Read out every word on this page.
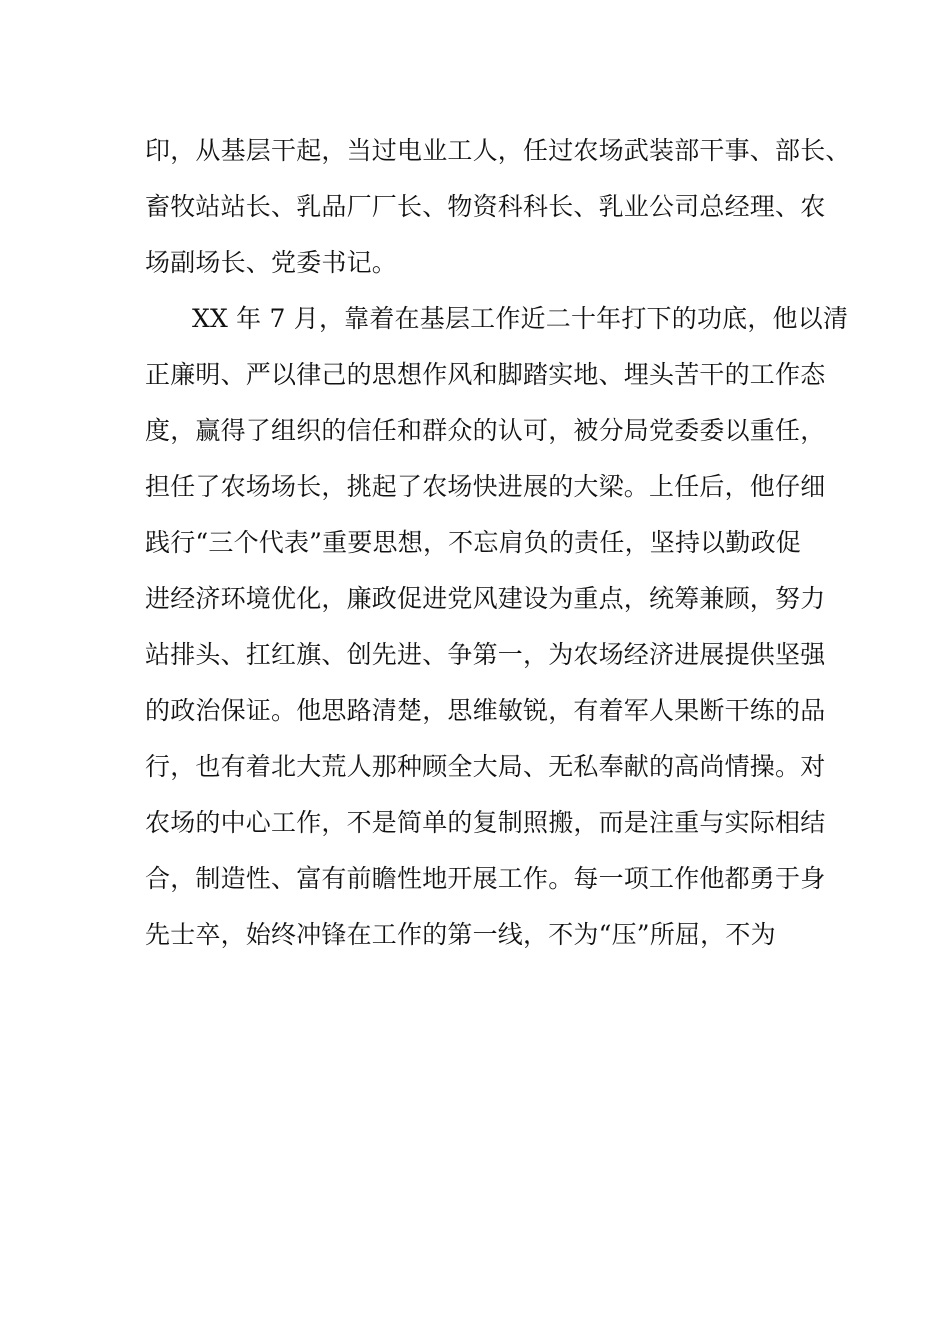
印，从基层干起，当过电业工人，任过农场武装部干事、部长、
畜牧站站长、乳品厂厂长、物资科科长、乳业公司总经理、农
场副场长、党委书记。
XX 年 7 月，靠着在基层工作近二十年打下的功底，他以清
正廉明、严以律己的思想作风和脚踏实地、埋头苦干的工作态
度，赢得了组织的信任和群众的认可，被分局党委委以重任，
担任了农场场长，挑起了农场快进展的大梁。上任后，他仔细
践行“三个代表”重要思想，不忘肩负的责任，坚持以勤政促
进经济环境优化，廉政促进党风建设为重点，统筹兼顾，努力
站排头、扛红旗、创先进、争第一，为农场经济进展提供坚强
的政治保证。他思路清楚，思维敏锐，有着军人果断干练的品
行，也有着北大荒人那种顾全大局、无私奉献的高尚情操。对
农场的中心工作，不是简单的复制照搬，而是注重与实际相结
合，制造性、富有前瞻性地开展工作。每一项工作他都勇于身
先士卒，始终冲锋在工作的第一线，不为“压”所屈，不为
